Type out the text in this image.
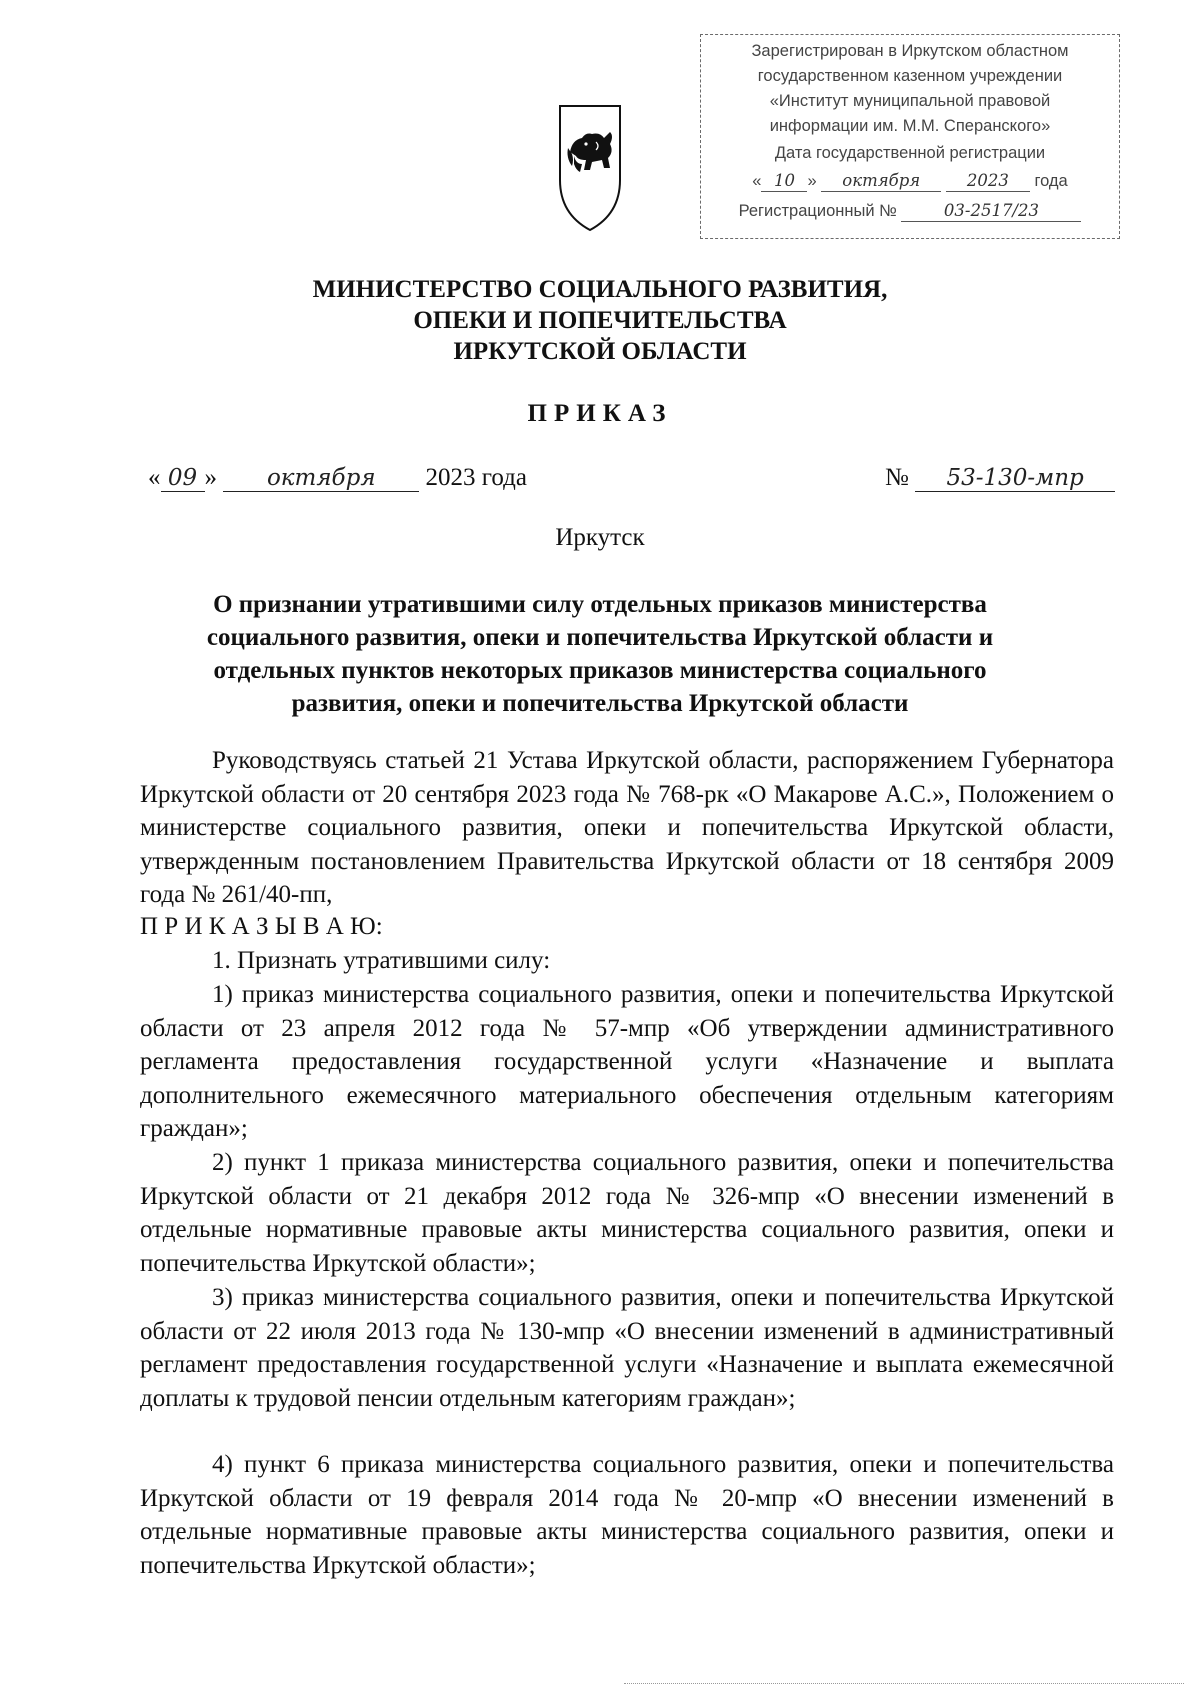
Зарегистрирован в Иркутском областном
государственном казенном учреждении
«Институт муниципальной правовой
информации им. М.М. Сперанского»
Дата государственной регистрации
« 10 » октября	2023 года
Регистрационный №	03-2517/23
МИНИСТЕРСТВО СОЦИАЛЬНОГО РАЗВИТИЯ,
ОПЕКИ И ПОПЕЧИТЕЛЬСТВА
ИРКУТСКОЙ ОБЛАСТИ
ПРИКАЗ
« 09 » октября 2023 года	№ 53-130-мпр
Иркутск
О признании утратившими силу отдельных приказов министерства социального развития, опеки и попечительства Иркутской области и отдельных пунктов некоторых приказов министерства социального развития, опеки и попечительства Иркутской области

Руководствуясь статьей 21 Устава Иркутской области, распоряжением Губернатора Иркутской области от 20 сентября 2023 года № 768-рк «О Макарове А.С.», Положением о министерстве социального развития, опеки и попечительства Иркутской области, утвержденным постановлением Правительства Иркутской области от 18 сентября 2009 года № 261/40-пп,

П Р И К А З Ы В А Ю:

1. Признать утратившими силу:

1) приказ министерства социального развития, опеки и попечительства Иркутской области от 23 апреля 2012 года № 57-мпр «Об утверждении административного регламента предоставления государственной услуги «Назначение и выплата дополнительного ежемесячного материального обеспечения отдельным категориям граждан»;

2) пункт 1 приказа министерства социального развития, опеки и попечительства Иркутской области от 21 декабря 2012 года № 326-мпр «О внесении изменений в отдельные нормативные правовые акты министерства социального развития, опеки и попечительства Иркутской области»;

3) приказ министерства социального развития, опеки и попечительства Иркутской области от 22 июля 2013 года № 130-мпр «О внесении изменений в административный регламент предоставления государственной услуги «Назначение и выплата ежемесячной доплаты к трудовой пенсии отдельным категориям граждан»;

4) пункт 6 приказа министерства социального развития, опеки и попечительства Иркутской области от 19 февраля 2014 года № 20-мпр «О внесении изменений в отдельные нормативные правовые акты министерства социального развития, опеки и попечительства Иркутской области»;
